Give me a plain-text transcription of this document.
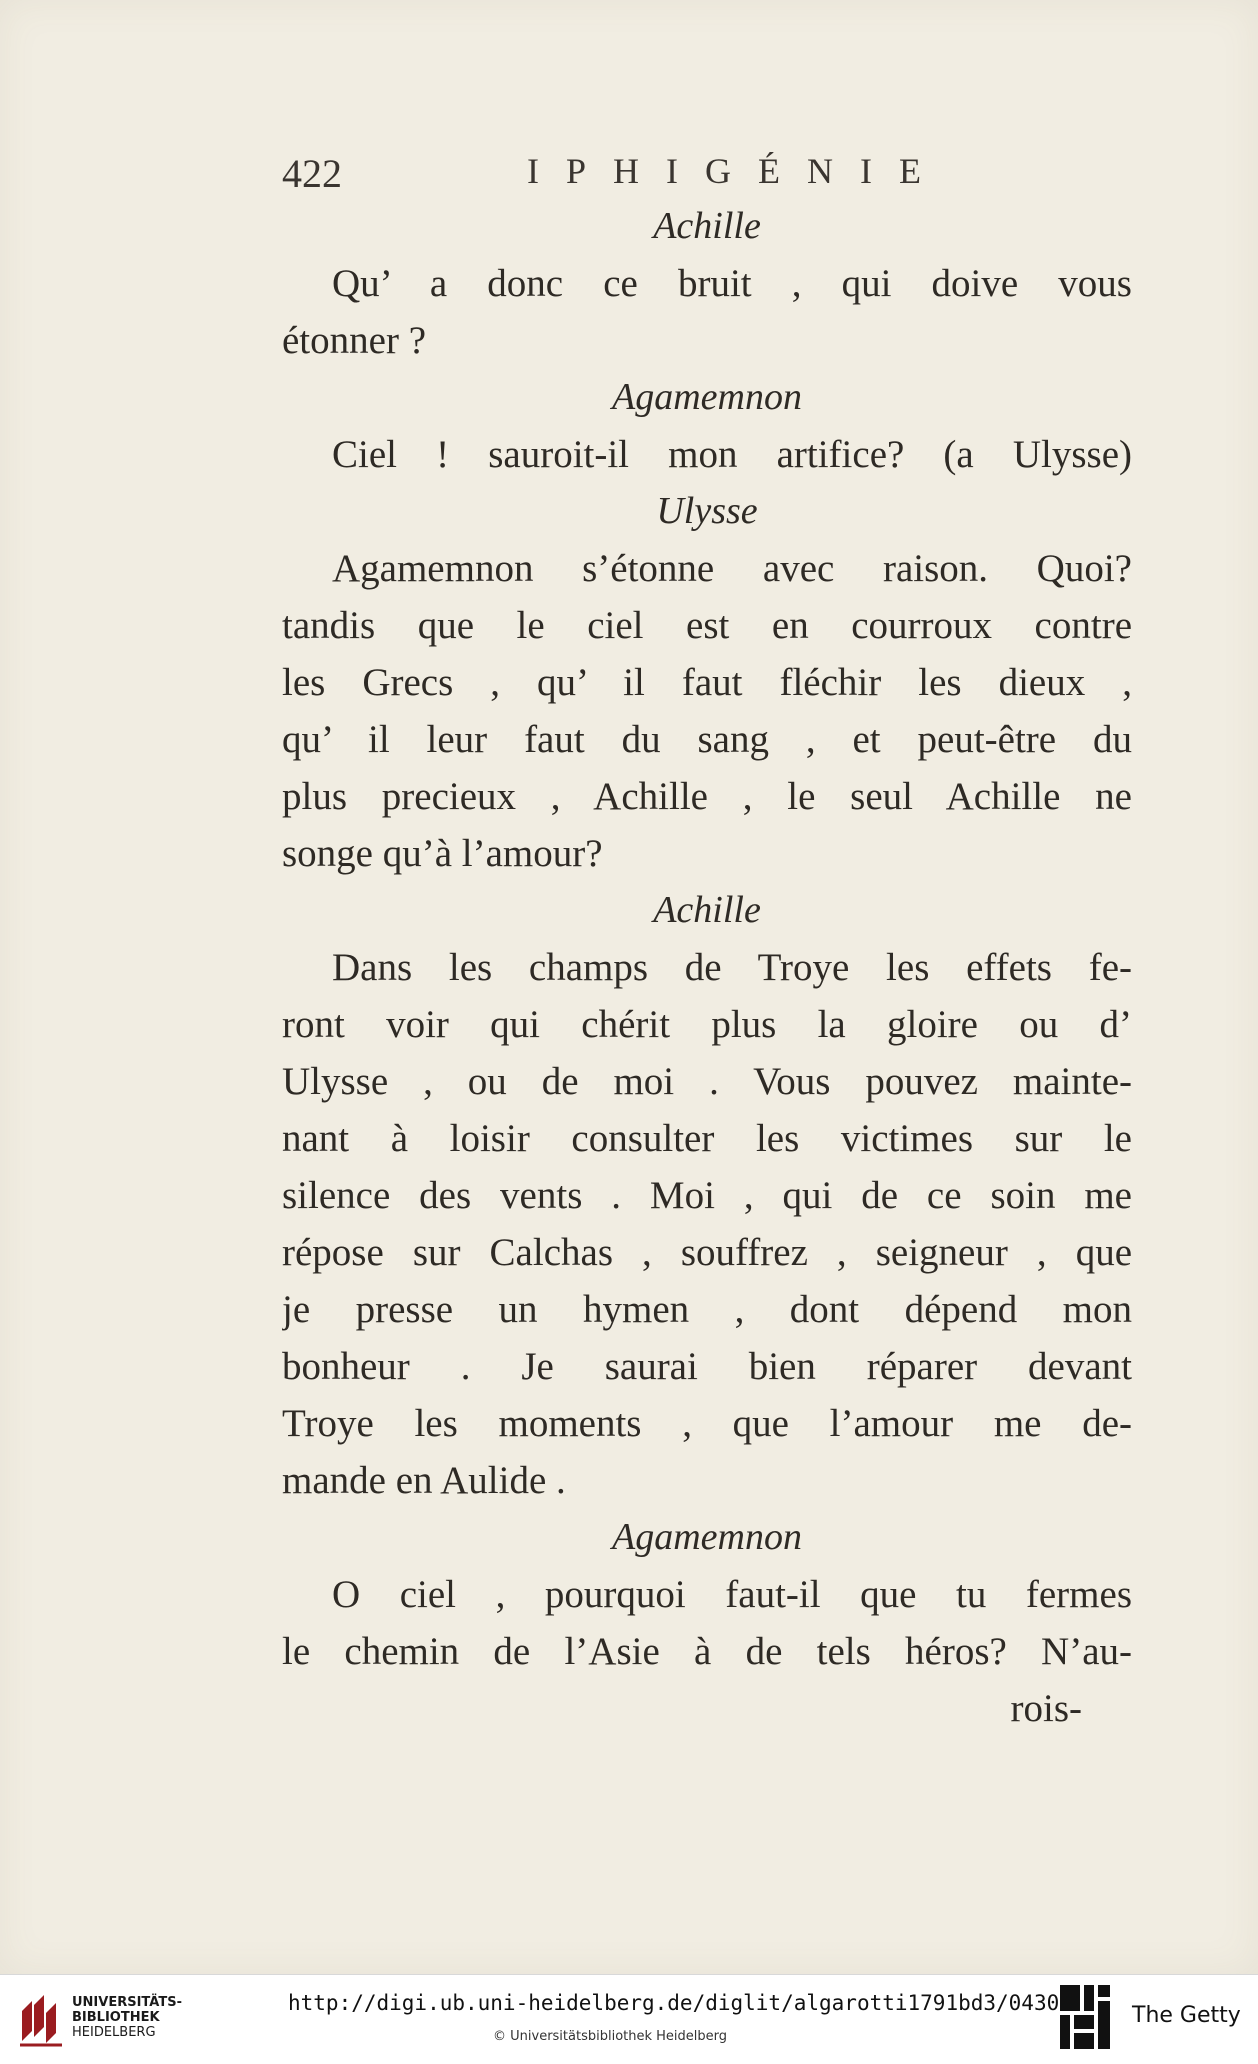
422	IPHIGÉNIE
Achille
Qu’ a donc ce bruit , qui doive vous
étonner ?
Agamemnon
Ciel ! sauroit-il mon artifice? (a Ulysse)
Ulysse
Agamemnon s’étonne avec raison. Quoi?
tandis que le ciel est en courroux contre
les Grecs , qu’ il faut fléchir les dieux ,
qu’ il leur faut du sang , et peut-être du
plus precieux , Achille , le seul Achille ne
songe qu’à l’amour?
Achille
Dans les champs de Troye les effets fe-
ront voir qui chérit plus la gloire ou d’
Ulysse , ou de moi . Vous pouvez mainte-
nant à loisir consulter les victimes sur le
silence des vents . Moi , qui de ce soin me
répose sur Calchas , souffrez , seigneur , que
je presse un hymen , dont dépend mon
bonheur . Je saurai bien réparer devant
Troye les moments , que l’amour me de-
mande en Aulide .
Agamemnon
O ciel , pourquoi faut-il que tu fermes
le chemin de l’Asie à de tels héros? N’au-
rois-
UNIVERSITÄTS-
BIBLIOTHEK
HEIDELBERG
http://digi.ub.uni-heidelberg.de/diglit/algarotti1791bd3/0430
© Universitätsbibliothek Heidelberg
The Getty
